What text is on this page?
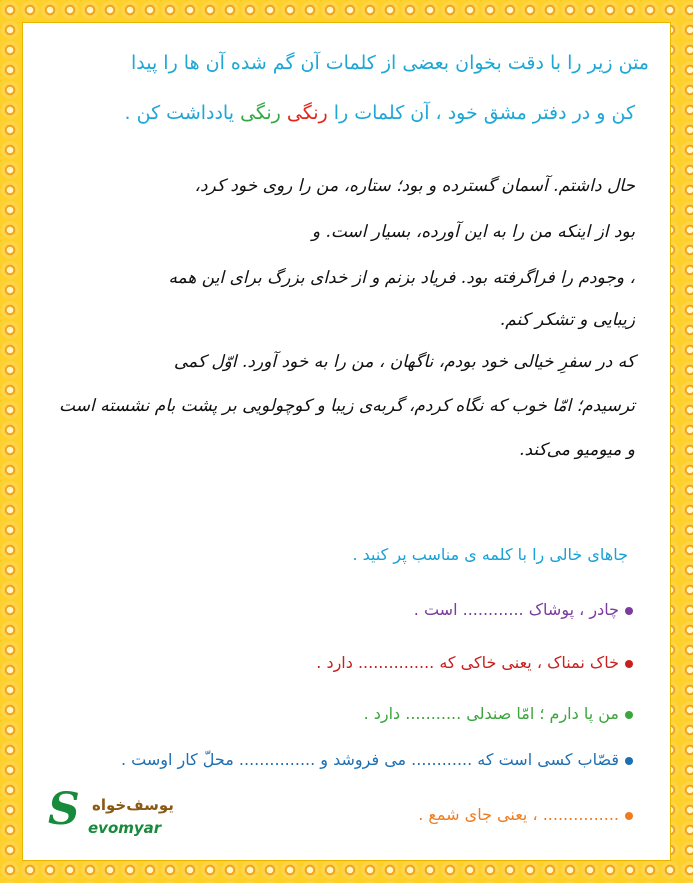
متن زیر را با دقت بخوان بعضی از کلمات آن گم شده آن ها را پیدا
کن و در دفتر مشق خود ، آن کلمات را رنگی رنگی یادداشت کن .
حال داشتم. آسمان گسترده و بود؛ ستاره، من را روی خود کرد،
بود از اینکه من را به این آورده، بسیار است. و
، وجودم را فراگرفته بود. فریاد بزنم و از خدای بزرگ برای این همه
زیبایی و تشکر کنم.
که در سفرِ خیالی خود بودم، ناگهان ، من را به خود آورد. اوّل کمی
ترسیدم؛ امّا خوب که نگاه کردم، گربه‌ی زیبا و کوچولویی بر پشت بام نشسته است
و میومیو می‌کند.
جاهای خالی را با کلمه ی مناسب پر کنید .
چادر ، پوشاک ............ است .
خاک نمناک ، یعنی خاکی که ............... دارد .
من پا دارم ؛ امّا صندلی ........... دارد .
قصّاب کسی است که ............ می فروشد و ............... محلّ کار اوست .
............... ، یعنی جای شمع .
S یوسف‌خواه
evomyar
